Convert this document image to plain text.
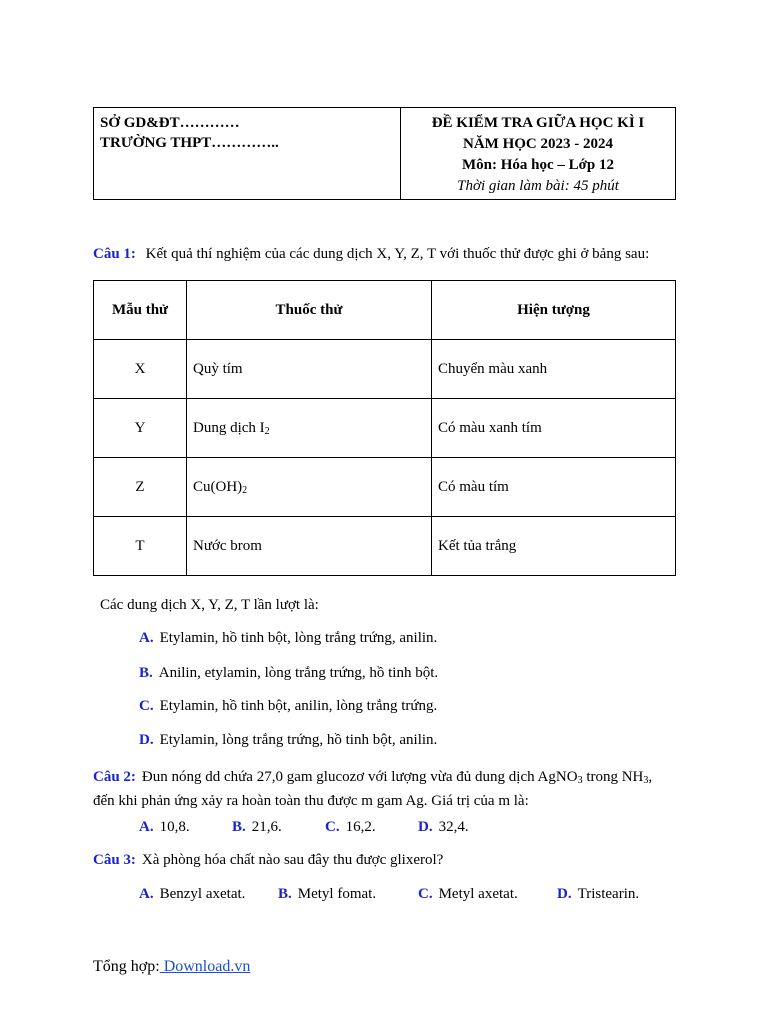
SỞ GD&ĐT…………
TRƯỜNG THPT…………..
ĐỀ KIỂM TRA GIỮA HỌC KÌ I
NĂM HỌC 2023 - 2024
Môn: Hóa học – Lớp 12
Thời gian làm bài: 45 phút
Câu 1: Kết quả thí nghiệm của các dung dịch X, Y, Z, T với thuốc thử được ghi ở bảng sau:
Mẫu thử	Thuốc thử	Hiện tượng
X	Quỳ tím	Chuyển màu xanh
Y	Dung dịch $I_2$	Có màu xanh tím
Z	$Cu(OH)_2$	Có màu tím
T	Nước brom	Kết tủa trắng
Các dung dịch X, Y, Z, T lần lượt là:
A. Etylamin, hồ tinh bột, lòng trắng trứng, anilin.
B. Anilin, etylamin, lòng trắng trứng, hồ tinh bột.
C. Etylamin, hồ tinh bột, anilin, lòng trắng trứng.
D. Etylamin, lòng trắng trứng, hồ tinh bột, anilin.
Câu 2: Đun nóng dd chứa 27,0 gam glucozơ với lượng vừa đủ dung dịch AgNO$_3$ trong $NH_3$,
đến khi phản ứng xảy ra hoàn toàn thu được m gam Ag. Giá trị của m là:
A. 10,8.	B. 21,6.	C. 16,2.	D. 32,4.
Câu 3: Xà phòng hóa chất nào sau đây thu được glixerol?
A. Benzyl axetat. B. Metyl fomat.	C. Metyl axetat.	D. Tristearin.
Tổng hợp: Download.vn
